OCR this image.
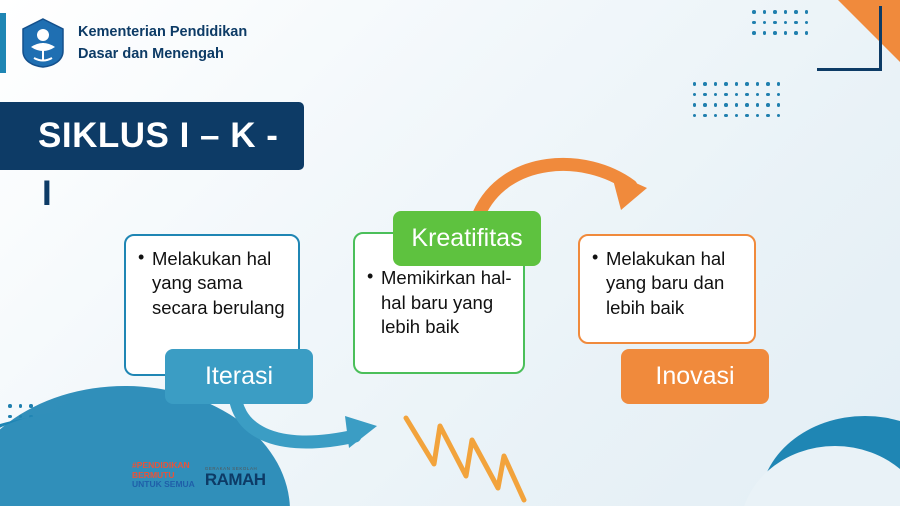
Kementerian Pendidikan
Dasar dan Menengah
SIKLUS I – K -
I
• Melakukan hal yang sama secara berulang
• Memikirkan hal-hal baru yang lebih baik
• Melakukan hal yang baru dan lebih baik
Iterasi
Kreatifitas
Inovasi
#PENDIDIKAN
BERMUTU
UNTUK SEMUA
GERAKAN SEKOLAH
RAMAH
